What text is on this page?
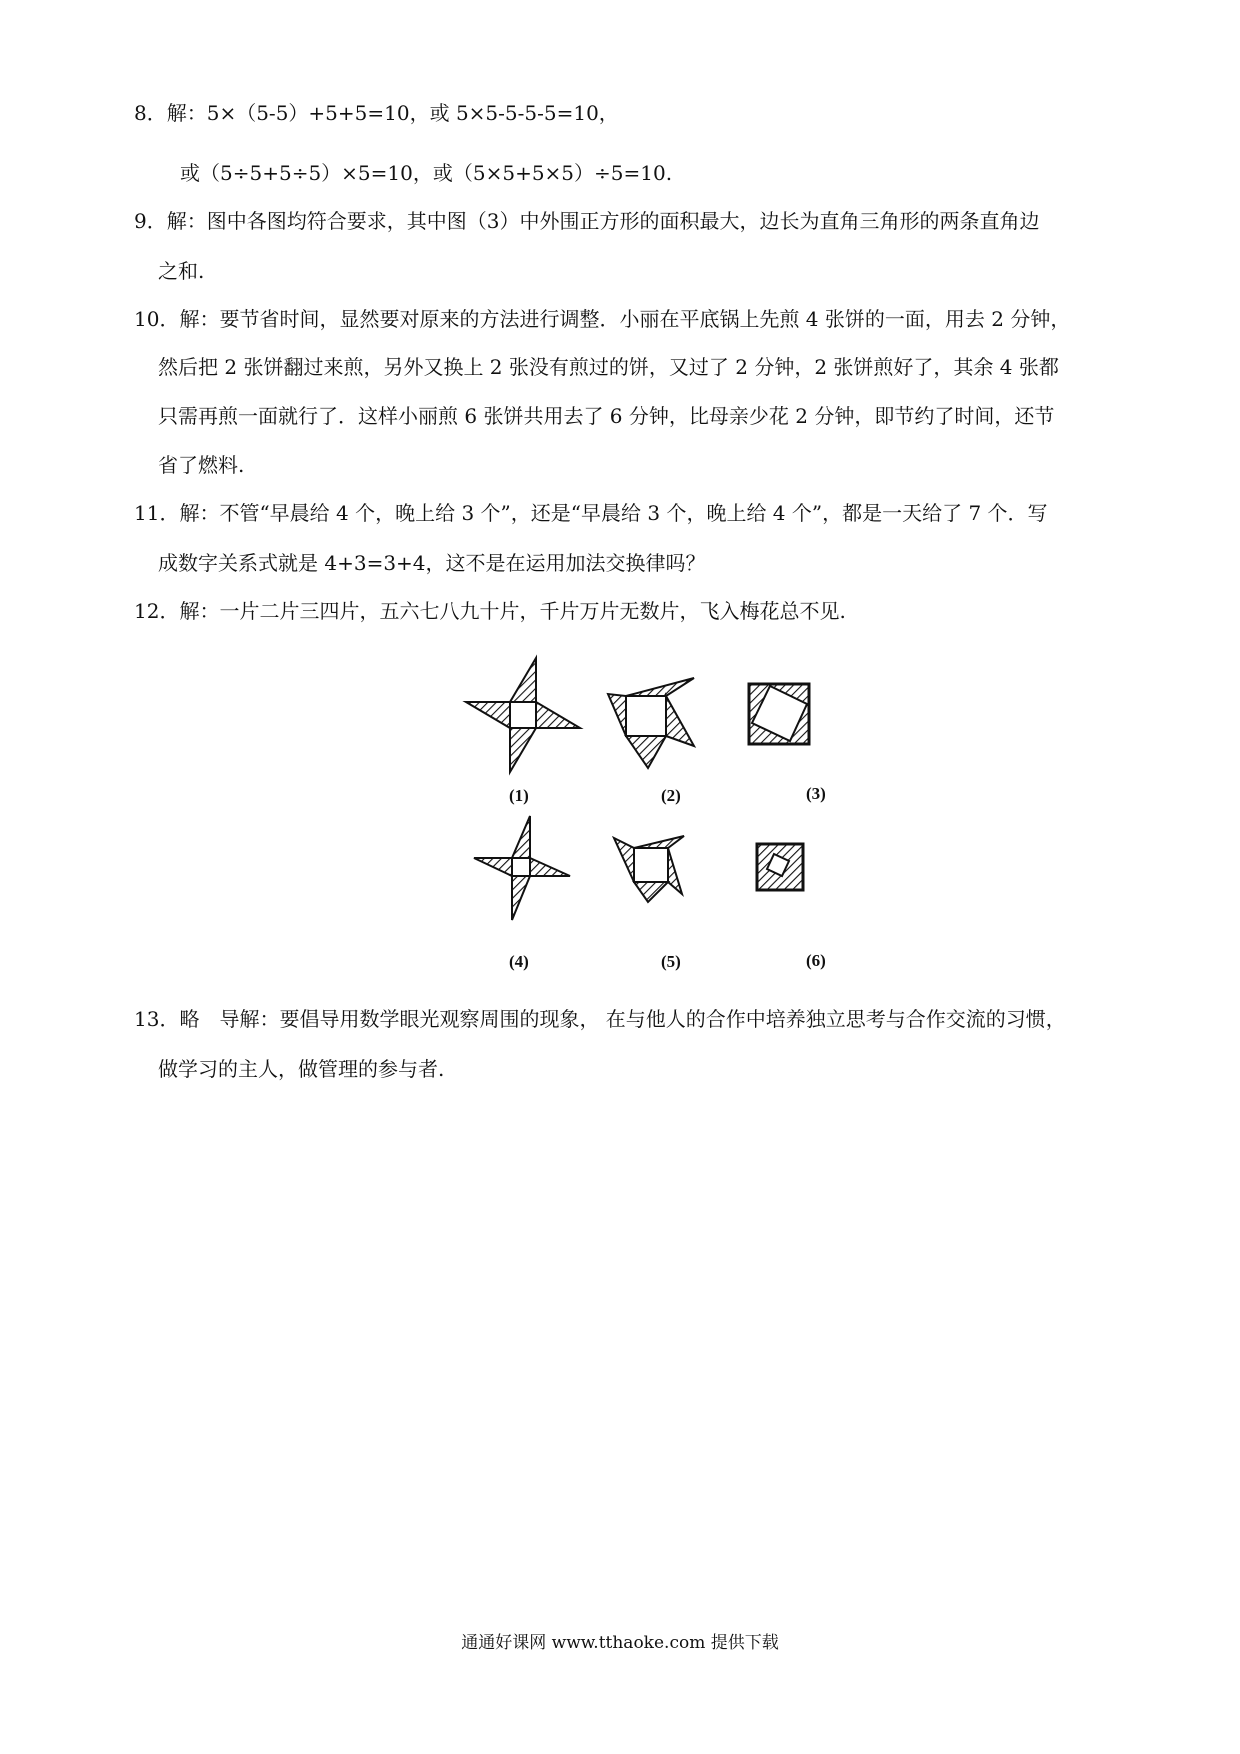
8．解：5×（5-5）+5+5=10，或 5×5-5-5-5=10，
或（5÷5+5÷5）×5=10，或（5×5+5×5）÷5=10.
9．解：图中各图均符合要求，其中图（3）中外围正方形的面积最大，边长为直角三角形的两条直角边
之和.
10．解：要节省时间，显然要对原来的方法进行调整．小丽在平底锅上先煎 4 张饼的一面，用去 2 分钟，
然后把 2 张饼翻过来煎，另外又换上 2 张没有煎过的饼，又过了 2 分钟，2 张饼煎好了，其余 4 张都
只需再煎一面就行了．这样小丽煎 6 张饼共用去了 6 分钟，比母亲少花 2 分钟，即节约了时间，还节
省了燃料.
11．解：不管“早晨给 4 个，晚上给 3 个”，还是“早晨给 3 个，晚上给 4 个”，都是一天给了 7 个．写
成数字关系式就是 4+3=3+4，这不是在运用加法交换律吗？
12．解：一片二片三四片，五六七八九十片，千片万片无数片，飞入梅花总不见.
(1)	(2)	(3)
(4)	(5)	(6)
13．略　导解：要倡导用数学眼光观察周围的现象， 在与他人的合作中培养独立思考与合作交流的习惯，
做学习的主人，做管理的参与者.
通通好课网 www.tthaoke.com 提供下载
